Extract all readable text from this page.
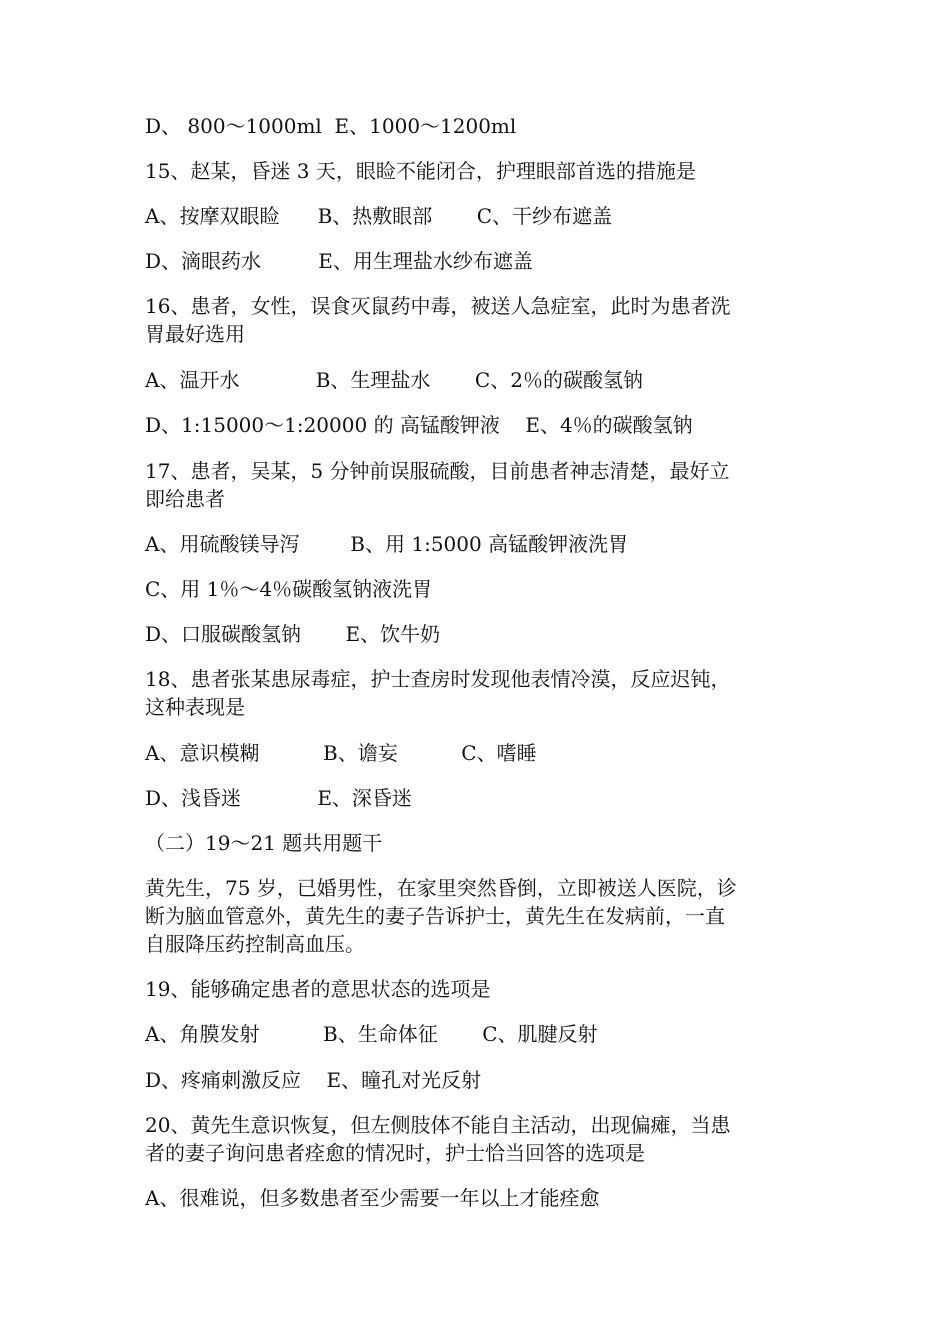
D、 800～1000ml  E、1000～1200ml
15、赵某，昏迷 3 天，眼睑不能闭合，护理眼部首选的措施是
A、按摩双眼睑      B、热敷眼部       C、干纱布遮盖
D、滴眼药水         E、用生理盐水纱布遮盖
16、患者，女性，误食灭鼠药中毒，被送人急症室，此时为患者洗
胃最好选用
A、温开水            B、生理盐水       C、2％的碳酸氢钠
D、1:15000～1:20000 的 高锰酸钾液    E、4％的碳酸氢钠
17、患者，吴某，5 分钟前误服硫酸，目前患者神志清楚，最好立
即给患者
A、用硫酸镁导泻        B、用 1:5000 高锰酸钾液洗胃
C、用 1％～4％碳酸氢钠液洗胃
D、口服碳酸氢钠       E、饮牛奶
18、患者张某患尿毒症，护士查房时发现他表情冷漠，反应迟钝，
这种表现是
A、意识模糊          B、谵妄          C、嗜睡
D、浅昏迷            E、深昏迷
（二）19～21 题共用题干
黄先生，75 岁，已婚男性，在家里突然昏倒，立即被送人医院，诊
断为脑血管意外，黄先生的妻子告诉护士，黄先生在发病前，一直
自服降压药控制高血压。
19、能够确定患者的意思状态的选项是
A、角膜发射          B、生命体征       C、肌腱反射
D、疼痛刺激反应    E、瞳孔对光反射
20、黄先生意识恢复，但左侧肢体不能自主活动，出现偏瘫，当患
者的妻子询问患者痊愈的情况时，护士恰当回答的选项是
A、很难说，但多数患者至少需要一年以上才能痊愈
